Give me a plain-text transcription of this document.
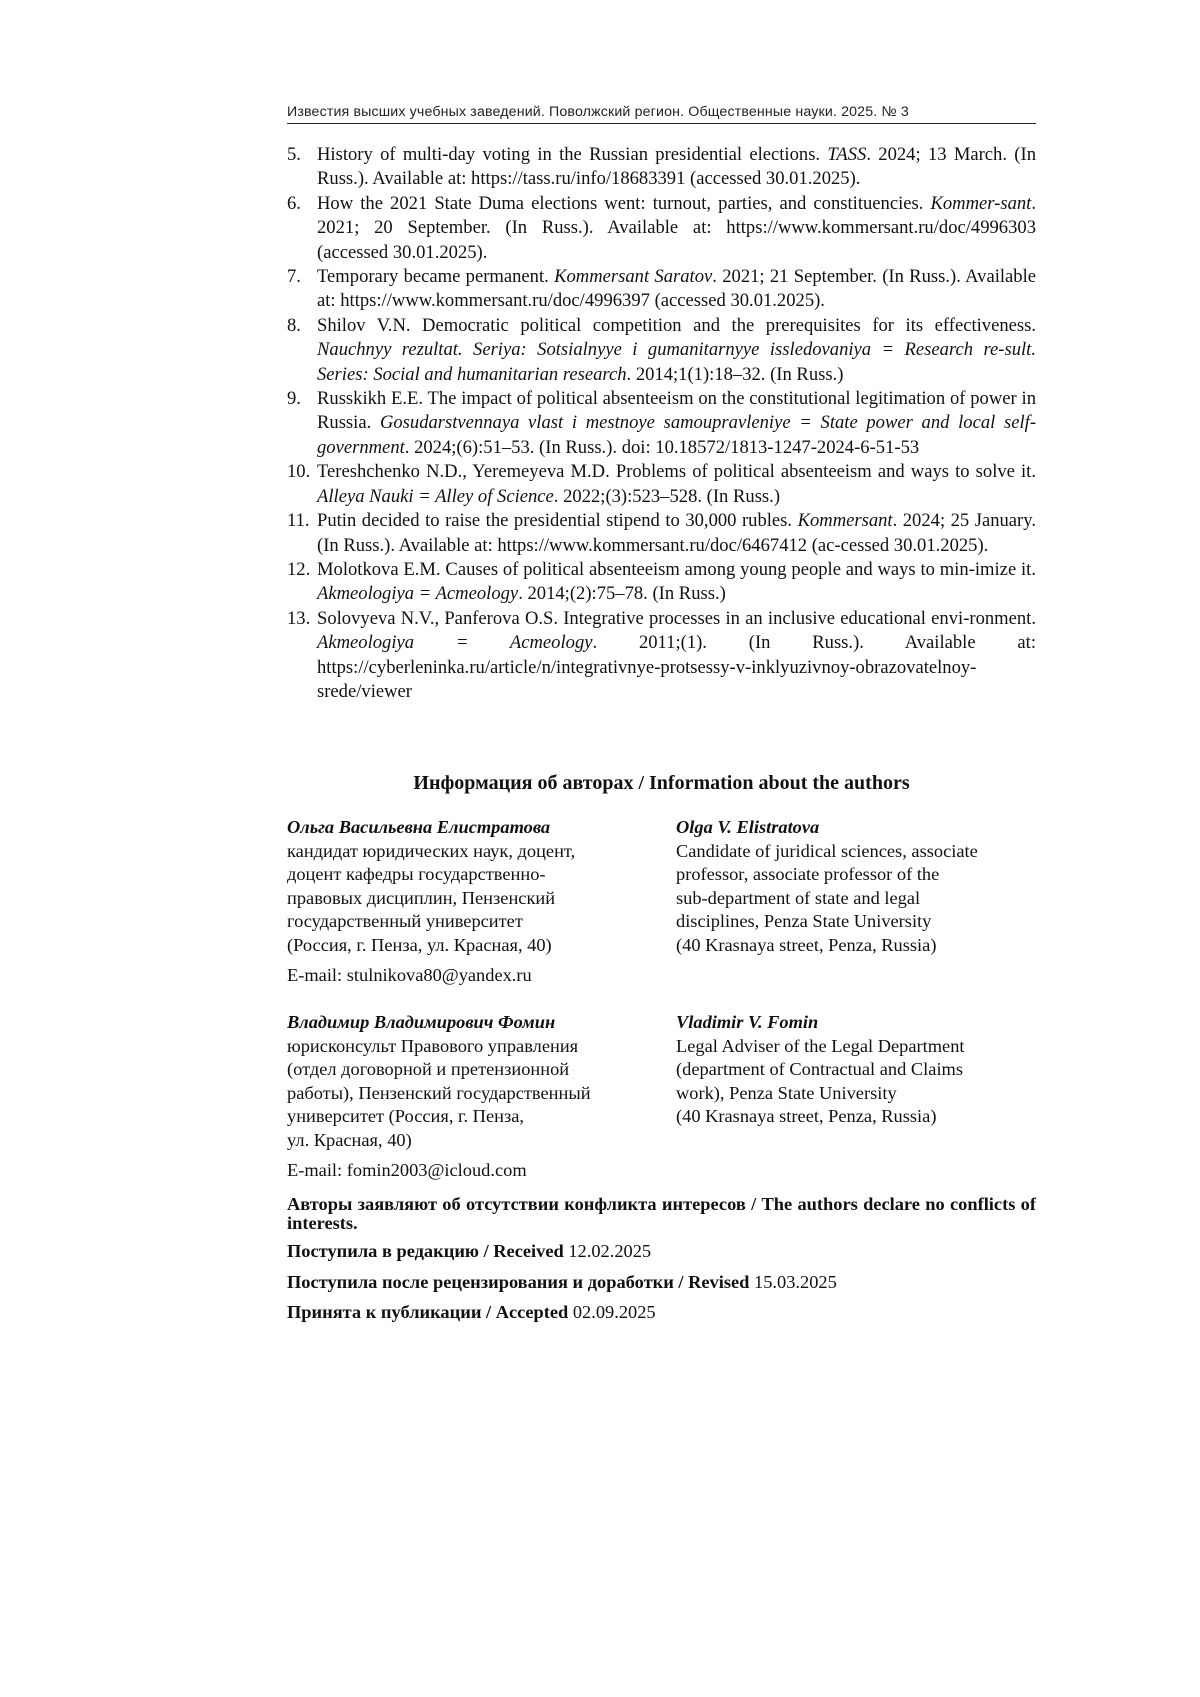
Известия высших учебных заведений. Поволжский регион. Общественные науки. 2025. № 3
5. History of multi-day voting in the Russian presidential elections. TASS. 2024; 13 March. (In Russ.). Available at: https://tass.ru/info/18683391 (accessed 30.01.2025).
6. How the 2021 State Duma elections went: turnout, parties, and constituencies. Kommer-sant. 2021; 20 September. (In Russ.). Available at: https://www.kommersant.ru/doc/4996303 (accessed 30.01.2025).
7. Temporary became permanent. Kommersant Saratov. 2021; 21 September. (In Russ.). Available at: https://www.kommersant.ru/doc/4996397 (accessed 30.01.2025).
8. Shilov V.N. Democratic political competition and the prerequisites for its effectiveness. Nauchnyy rezultat. Seriya: Sotsialnyye i gumanitarnyye issledovaniya = Research re-sult. Series: Social and humanitarian research. 2014;1(1):18–32. (In Russ.)
9. Russkikh E.E. The impact of political absenteeism on the constitutional legitimation of power in Russia. Gosudarstvennaya vlast i mestnoye samoupravleniye = State power and local self-government. 2024;(6):51–53. (In Russ.). doi: 10.18572/1813-1247-2024-6-51-53
10. Tereshchenko N.D., Yeremeyeva M.D. Problems of political absenteeism and ways to solve it. Alleya Nauki = Alley of Science. 2022;(3):523–528. (In Russ.)
11. Putin decided to raise the presidential stipend to 30,000 rubles. Kommersant. 2024; 25 January. (In Russ.). Available at: https://www.kommersant.ru/doc/6467412 (ac-cessed 30.01.2025).
12. Molotkova E.M. Causes of political absenteeism among young people and ways to min-imize it. Akmeologiya = Acmeology. 2014;(2):75–78. (In Russ.)
13. Solovyeva N.V., Panferova O.S. Integrative processes in an inclusive educational envi-ronment. Akmeologiya = Acmeology. 2011;(1). (In Russ.). Available at: https://cyberleninka.ru/article/n/integrativnye-protsessy-v-inklyuzivnoy-obrazovatelnoy-srede/viewer
Информация об авторах / Information about the authors
Ольга Васильевна Елистратова
кандидат юридических наук, доцент,
доцент кафедры государственно-
правовых дисциплин, Пензенский
государственный университет
(Россия, г. Пенза, ул. Красная, 40)
Olga V. Elistratova
Candidate of juridical sciences, associate
professor, associate professor of the
sub-department of state and legal
disciplines, Penza State University
(40 Krasnaya street, Penza, Russia)
E-mail: stulnikova80@yandex.ru
Владимир Владимирович Фомин
юрисконсульт Правового управления
(отдел договорной и претензионной
работы), Пензенский государственный
университет (Россия, г. Пенза,
ул. Красная, 40)
Vladimir V. Fomin
Legal Adviser of the Legal Department
(department of Contractual and Claims
work), Penza State University
(40 Krasnaya street, Penza, Russia)
E-mail: fomin2003@icloud.com
Авторы заявляют об отсутствии конфликта интересов / The authors declare no conflicts of interests.
Поступила в редакцию / Received 12.02.2025
Поступила после рецензирования и доработки / Revised 15.03.2025
Принята к публикации / Accepted 02.09.2025
